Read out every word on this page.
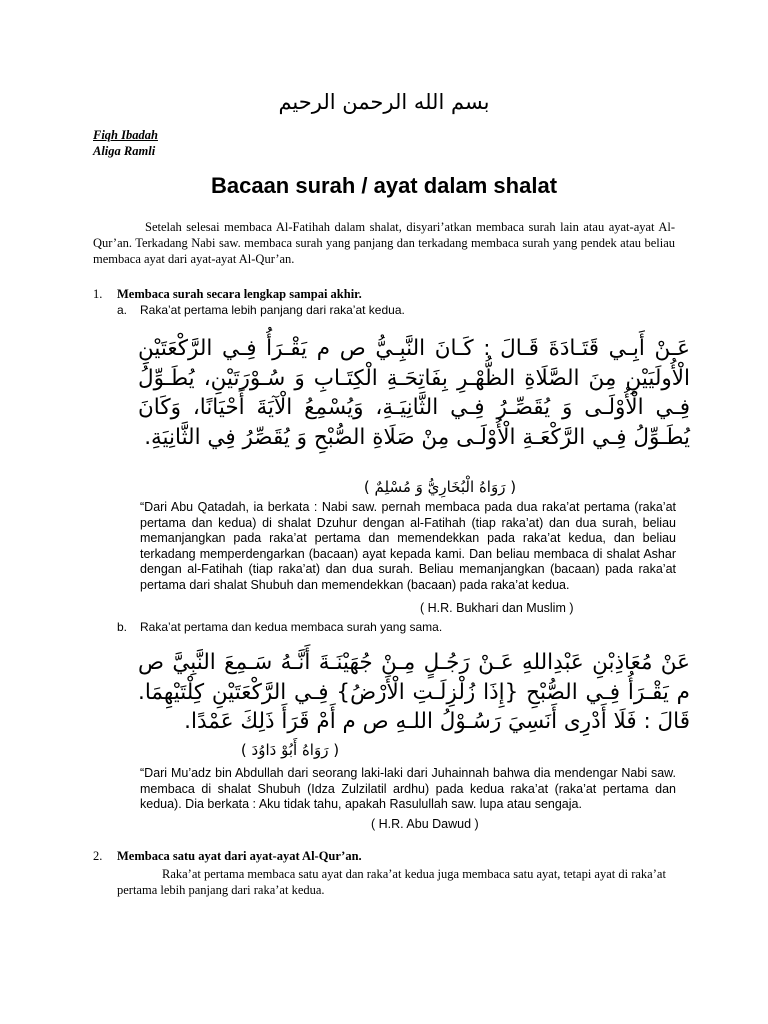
بسم الله الرحمن الرحيم
Fiqh Ibadah
Aliga Ramli
Bacaan surah / ayat dalam shalat
Setelah selesai membaca Al-Fatihah dalam shalat, disyari’atkan membaca surah lain atau ayat-ayat Al-Qur’an. Terkadang Nabi saw. membaca surah yang panjang dan terkadang membaca surah yang pendek atau beliau membaca ayat dari ayat-ayat Al-Qur’an.
1. Membaca surah secara lengkap sampai akhir.
a. Raka’at pertama lebih panjang dari raka’at kedua.
عَـنْ أَبِـي قَتَـادَةَ قَـالَ : كَـانَ النَّبِـيُّ ص م يَقْـرَأُ فِـي الرَّكْعَتَيْنِ الْأُولَيَيْنِ مِنَ الصَّلَاةِ الظُّهْـرِ بِفَاتِحَـةِ الْكِتَـابِ وَ سُـوْرَتَيْنِ، يُطَـوِّلُ فِـي الْأُوْلَـى وَ يُقَصِّـرُ فِـي الثَّانِيَـةِ، وَيُسْمِعُ الْآيَةَ أَحْيَانًا، وَكَانَ يُطَـوِّلُ فِـي الرَّكْعَـةِ الْأُوْلَـى مِنْ صَلَاةِ الصُّبْحِ وَ يُقَصِّرُ فِي الثَّانِيَةِ.
( رَوَاهُ الْبُخَارِيُّ وَ مُسْلِمٌ )
“Dari Abu Qatadah, ia berkata : Nabi saw. pernah membaca pada dua raka’at pertama (raka’at pertama dan kedua) di shalat Dzuhur dengan al-Fatihah (tiap raka’at) dan dua surah, beliau memanjangkan pada raka’at pertama dan memendekkan pada raka’at kedua, dan beliau terkadang memperdengarkan (bacaan) ayat kepada kami. Dan beliau membaca di shalat Ashar dengan al-Fatihah (tiap raka’at) dan dua surah. Beliau memanjangkan (bacaan) pada raka’at pertama dari shalat Shubuh dan memendekkan (bacaan) pada raka’at kedua.
( H.R. Bukhari dan Muslim )
b. Raka’at pertama dan kedua membaca surah yang sama.
عَنْ مُعَاذِبْنِ عَبْدِاللهِ عَـنْ رَجُـلٍ مِـنْ جُهَيْنَـةَ أَنَّـهُ سَـمِعَ النَّبِيَّ ص م يَقْـرَأُ فِـي الصُّبْحِ {إِذَا زُلْزِلَـتِ الْأَرْضُ} فِـي الرَّكْعَتَيْنِ كِلْتَيْهِمَا. قَالَ : فَلَا أَدْرِى أَنَسِيَ رَسُـوْلُ اللـهِ ص م أَمْ قَرَأَ ذَلِكَ عَمْدًا.
( رَوَاهُ أَبُوْ دَاوُدَ )
“Dari Mu’adz bin Abdullah dari seorang laki-laki dari Juhainnah bahwa dia mendengar Nabi saw. membaca di shalat Shubuh (Idza Zulzilatil ardhu) pada kedua raka’at (raka’at pertama dan kedua). Dia berkata : Aku tidak tahu, apakah Rasulullah saw. lupa atau sengaja.
( H.R. Abu Dawud )
2. Membaca satu ayat dari ayat-ayat Al-Qur’an.
Raka’at pertama membaca satu ayat dan raka’at kedua juga membaca satu ayat, tetapi ayat di raka’at pertama lebih panjang dari raka’at kedua.
